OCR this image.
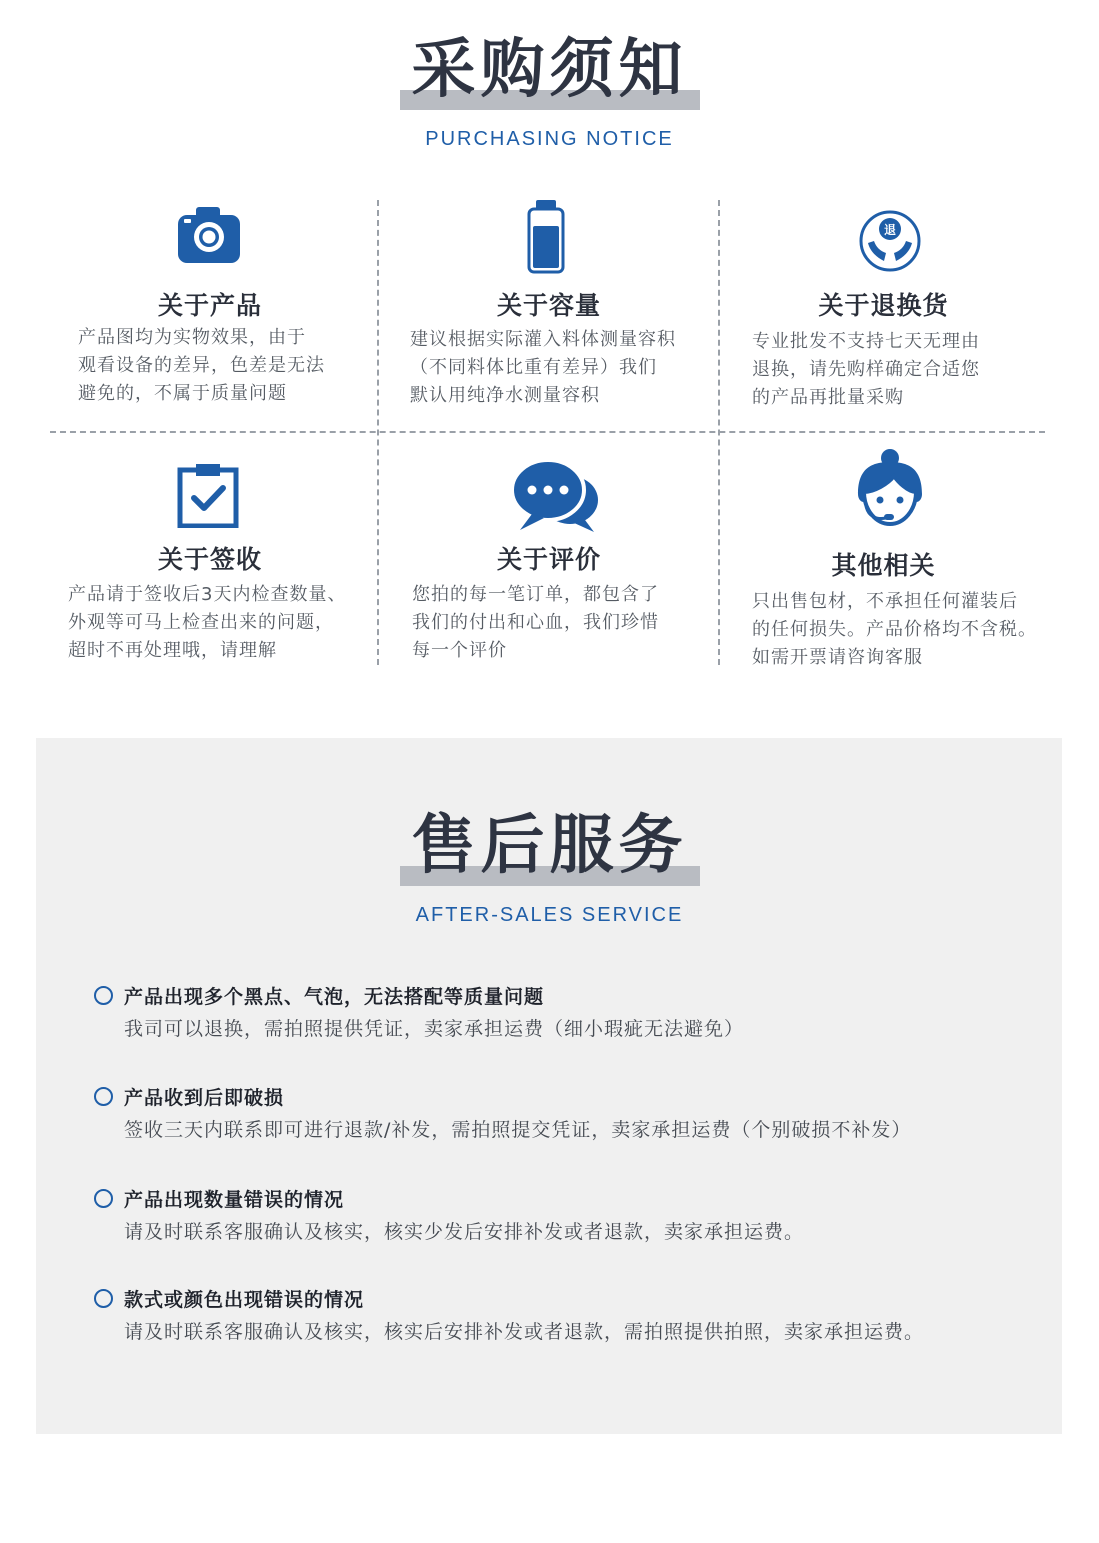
采购须知
PURCHASING NOTICE
关于产品
产品图均为实物效果，由于
观看设备的差异，色差是无法
避免的，不属于质量问题
关于容量
建议根据实际灌入料体测量容积
（不同料体比重有差异）我们
默认用纯净水测量容积
退
关于退换货
专业批发不支持七天无理由
退换，请先购样确定合适您
的产品再批量采购
关于签收
产品请于签收后3天内检查数量、
外观等可马上检查出来的问题，
超时不再处理哦，请理解
关于评价
您拍的每一笔订单，都包含了
我们的付出和心血，我们珍惜
每一个评价
其他相关
只出售包材，不承担任何灌装后
的任何损失。产品价格均不含税。
如需开票请咨询客服
售后服务
AFTER-SALES SERVICE
产品出现多个黑点、气泡，无法搭配等质量问题
我司可以退换，需拍照提供凭证，卖家承担运费（细小瑕疵无法避免）
产品收到后即破损
签收三天内联系即可进行退款/补发，需拍照提交凭证，卖家承担运费（个别破损不补发）
产品出现数量错误的情况
请及时联系客服确认及核实，核实少发后安排补发或者退款，卖家承担运费。
款式或颜色出现错误的情况
请及时联系客服确认及核实，核实后安排补发或者退款，需拍照提供拍照，卖家承担运费。
